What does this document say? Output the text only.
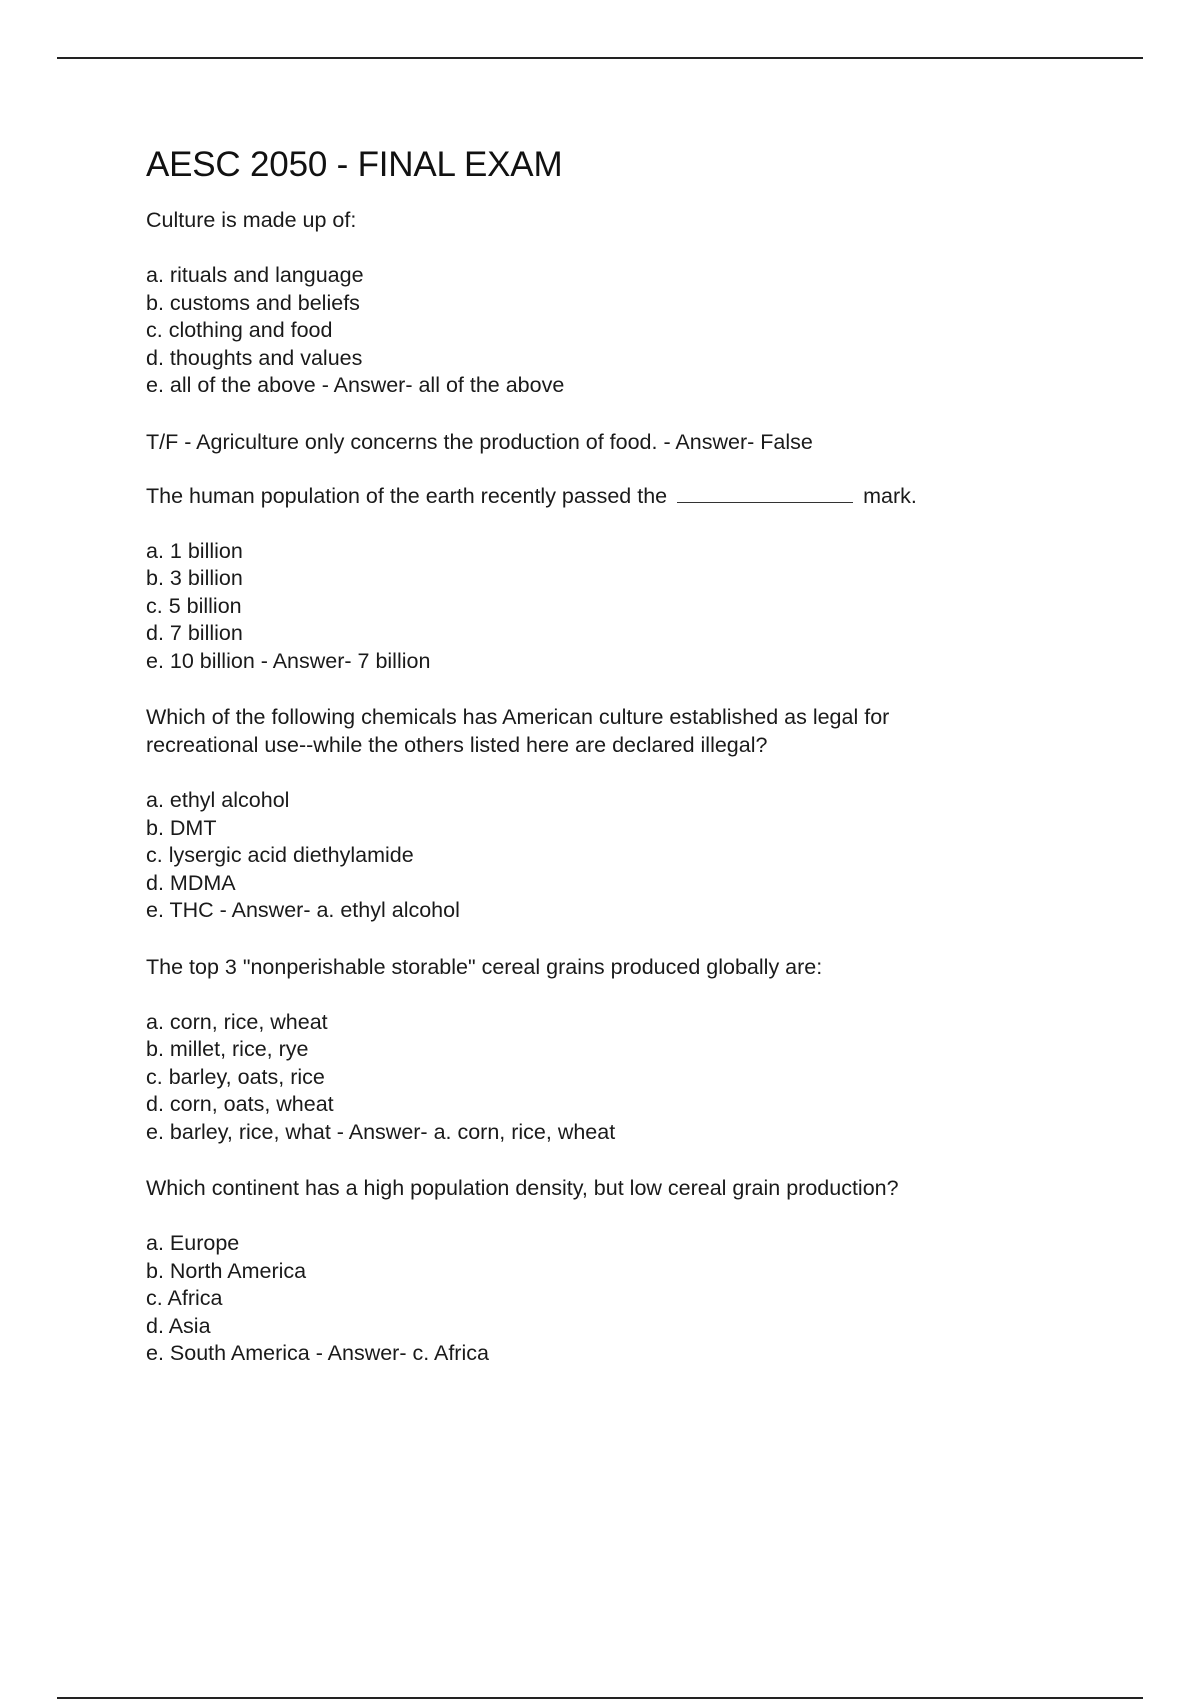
AESC 2050 - FINAL EXAM

Culture is made up of:

a. rituals and language
b. customs and beliefs
c. clothing and food
d. thoughts and values
e. all of the above - Answer- all of the above

T/F - Agriculture only concerns the production of food. - Answer- False

The human population of the earth recently passed the	mark.

a. 1 billion
b. 3 billion
c. 5 billion
d. 7 billion
e. 10 billion - Answer- 7 billion

Which of the following chemicals has American culture established as legal for
recreational use--while the others listed here are declared illegal?

a. ethyl alcohol
b. DMT
c. lysergic acid diethylamide
d. MDMA
e. THC - Answer- a. ethyl alcohol

The top 3 "nonperishable storable" cereal grains produced globally are:

a. corn, rice, wheat
b. millet, rice, rye
c. barley, oats, rice
d. corn, oats, wheat
e. barley, rice, what - Answer- a. corn, rice, wheat

Which continent has a high population density, but low cereal grain production?

a. Europe
b. North America
c. Africa
d. Asia
e. South America - Answer- c. Africa
